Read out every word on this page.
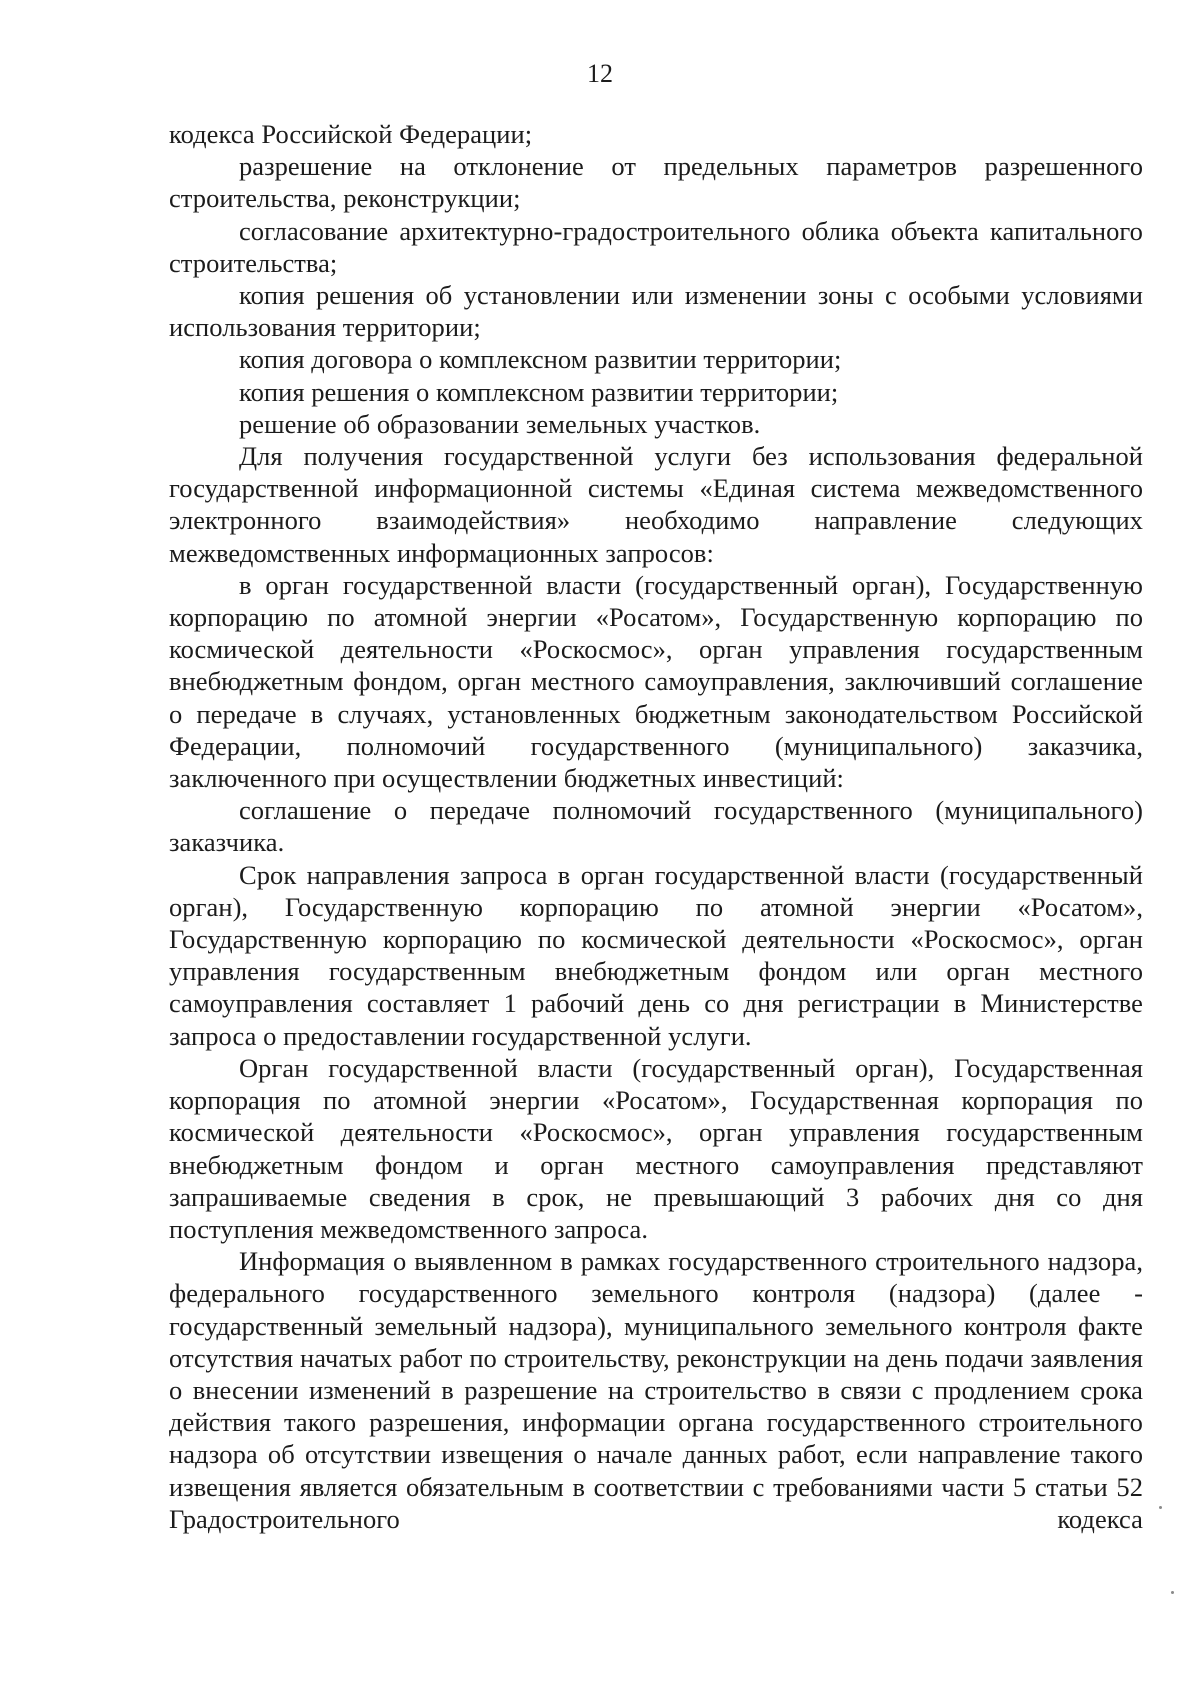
12

кодекса Российской Федерации;

разрешение на отклонение от предельных параметров разрешенного строительства, реконструкции;

согласование архитектурно-градостроительного облика объекта капитального строительства;

копия решения об установлении или изменении зоны с особыми условиями использования территории;

копия договора о комплексном развитии территории;

копия решения о комплексном развитии территории;

решение об образовании земельных участков.

Для получения государственной услуги без использования федеральной государственной информационной системы «Единая система межведомственного электронного взаимодействия» необходимо направление следующих межведомственных информационных запросов:

в орган государственной власти (государственный орган), Государственную корпорацию по атомной энергии «Росатом», Государственную корпорацию по космической деятельности «Роскосмос», орган управления государственным внебюджетным фондом, орган местного самоуправления, заключивший соглашение о передаче в случаях, установленных бюджетным законодательством Российской Федерации, полномочий государственного (муниципального) заказчика, заключенного при осуществлении бюджетных инвестиций:

соглашение о передаче полномочий государственного (муниципального) заказчика.

Срок направления запроса в орган государственной власти (государственный орган), Государственную корпорацию по атомной энергии «Росатом», Государственную корпорацию по космической деятельности «Роскосмос», орган управления государственным внебюджетным фондом или орган местного самоуправления составляет 1 рабочий день со дня регистрации в Министерстве запроса о предоставлении государственной услуги.

Орган государственной власти (государственный орган), Государственная корпорация по атомной энергии «Росатом», Государственная корпорация по космической деятельности «Роскосмос», орган управления государственным внебюджетным фондом и орган местного самоуправления представляют запрашиваемые сведения в срок, не превышающий 3 рабочих дня со дня поступления межведомственного запроса.

Информация о выявленном в рамках государственного строительного надзора, федерального государственного земельного контроля (надзора) (далее - государственный земельный надзора), муниципального земельного контроля факте отсутствия начатых работ по строительству, реконструкции на день подачи заявления о внесении изменений в разрешение на строительство в связи с продлением срока действия такого разрешения, информации органа государственного строительного надзора об отсутствии извещения о начале данных работ, если направление такого извещения является обязательным в соответствии с требованиями части 5 статьи 52 Градостроительного кодекса
